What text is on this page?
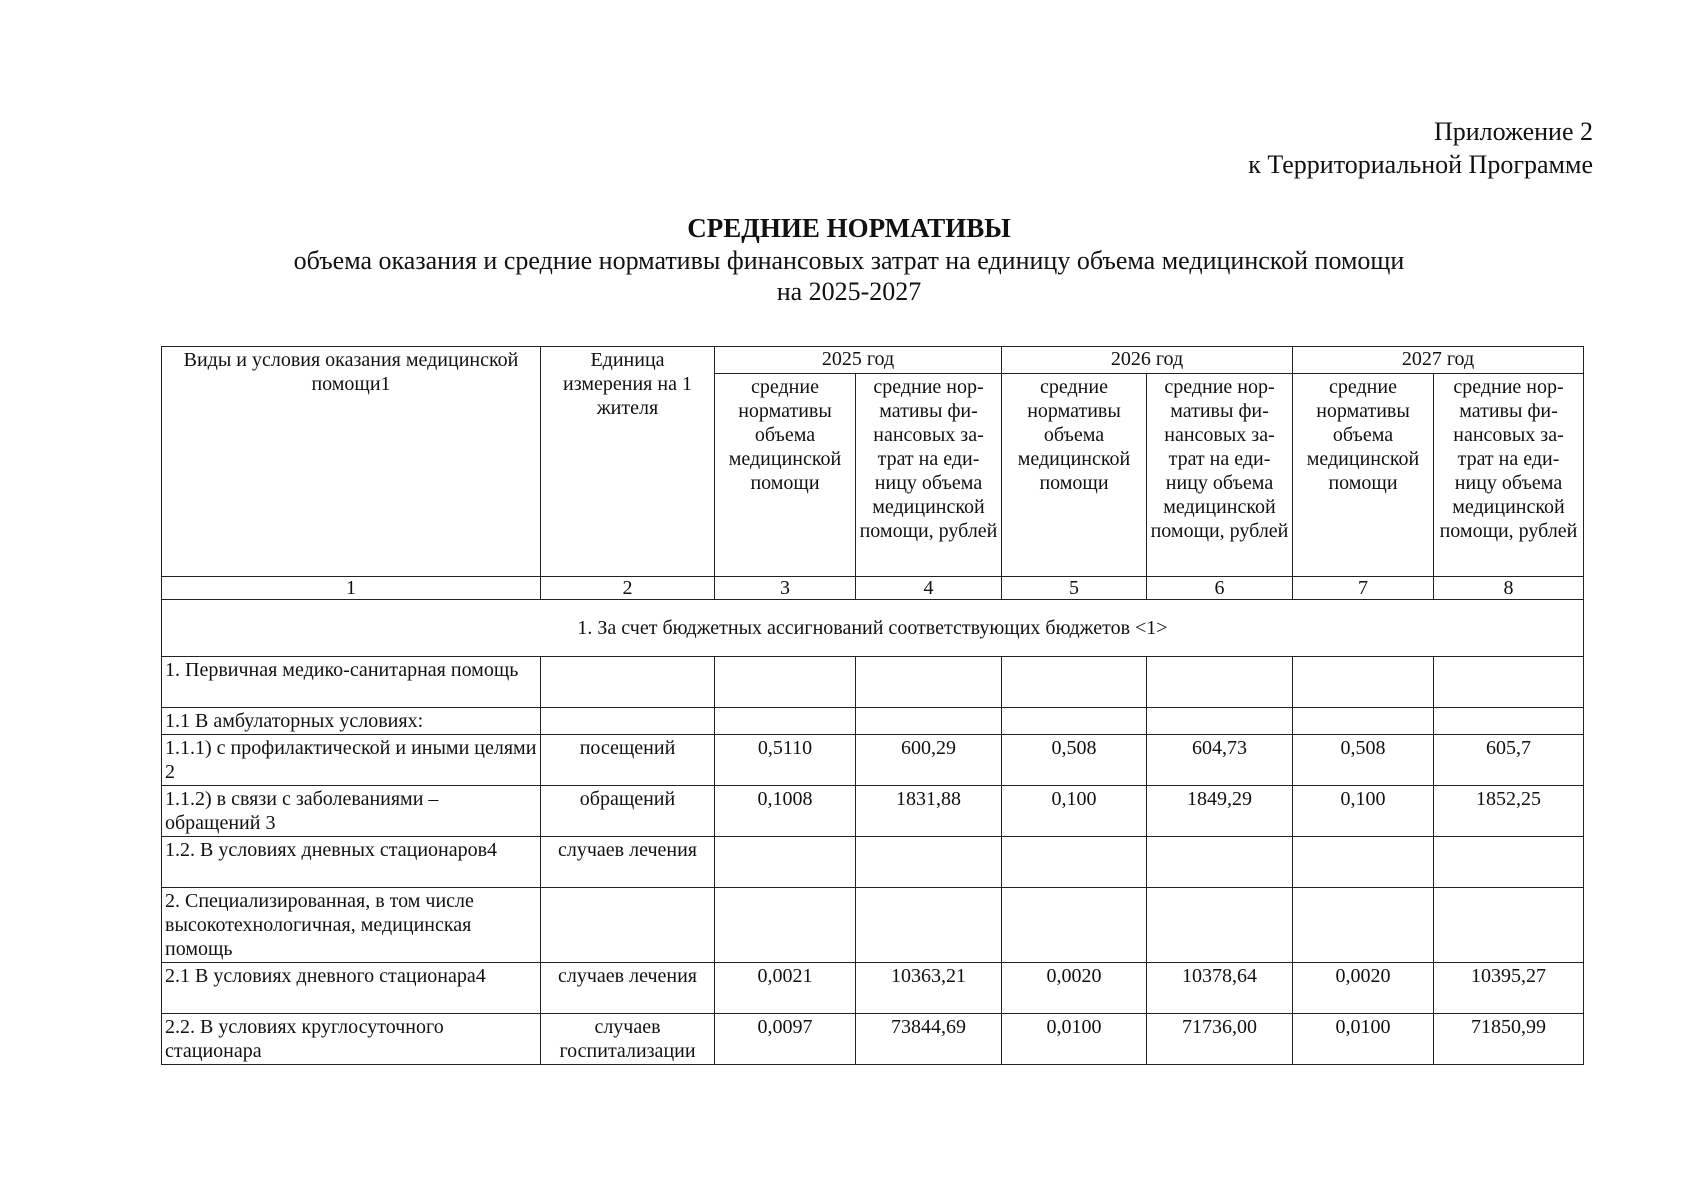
Приложение 2
к Территориальной Программе
СРЕДНИЕ НОРМАТИВЫ
объема оказания и средние нормативы финансовых затрат на единицу объема медицинской помощи
на 2025-2027
Виды и условия оказания медицинской помощи1	Единица измерения на 1 жителя	2025 год		2026 год		2027 год	
		средние нормативы объема медицинской помощи	средние нор-мативы фи-нансовых за-трат на еди-ницу объема медицинской помощи, рублей	средние нормативы объема медицинской помощи	средние нор-мативы фи-нансовых за-трат на еди-ницу объема медицинской помощи, рублей	средние нормативы объема медицинской помощи	средние нор-мативы фи-нансовых за-трат на еди-ницу объема медицинской помощи, рублей
1	2	3	4	5	6	7	8
1. За счет бюджетных ассигнований соответствующих бюджетов <1>							
1. Первичная медико-санитарная помощь							
1.1 В амбулаторных условиях:							
1.1.1) с профилактической и иными целями 2	посещений	0,5110	600,29	0,508	604,73	0,508	605,7
1.1.2) в связи с заболеваниями – обращений 3	обращений	0,1008	1831,88	0,100	1849,29	0,100	1852,25
1.2. В условиях дневных стационаров4	случаев лечения						
2. Специализированная, в том числе высокотехнологичная, медицинская помощь							
2.1 В условиях дневного стационара4	случаев лечения	0,0021	10363,21	0,0020	10378,64	0,0020	10395,27
2.2. В условиях круглосуточного стационара	случаев госпитализации	0,0097	73844,69	0,0100	71736,00	0,0100	71850,99
